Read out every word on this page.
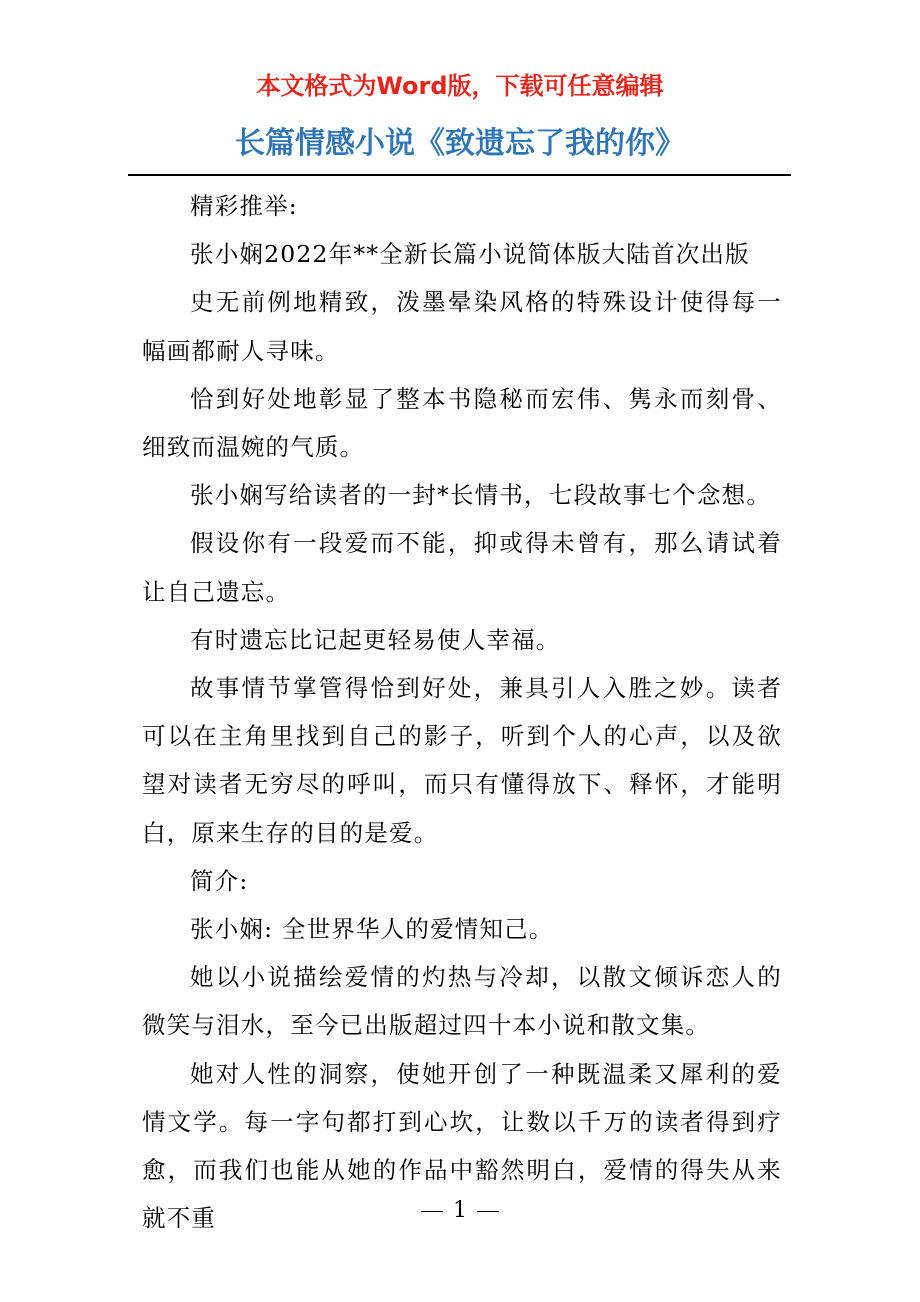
本文格式为Word版，下载可任意编辑
长篇情感小说《致遗忘了我的你》

精彩推举:

张小娴2022年**全新长篇小说简体版大陆首次出版

史无前例地精致，泼墨晕染风格的特殊设计使得每一幅画都耐人寻味。

恰到好处地彰显了整本书隐秘而宏伟、隽永而刻骨、细致而温婉的气质。

张小娴写给读者的一封*长情书，七段故事七个念想。

假设你有一段爱而不能，抑或得未曾有，那么请试着让自己遗忘。

有时遗忘比记起更轻易使人幸福。

故事情节掌管得恰到好处，兼具引人入胜之妙。读者可以在主角里找到自己的影子，听到个人的心声，以及欲望对读者无穷尽的呼叫，而只有懂得放下、释怀，才能明白，原来生存的目的是爱。

简介:

张小娴: 全世界华人的爱情知己。

她以小说描绘爱情的灼热与冷却，以散文倾诉恋人的微笑与泪水，至今已出版超过四十本小说和散文集。

她对人性的洞察，使她开创了一种既温柔又犀利的爱情文学。每一字句都打到心坎，让数以千万的读者得到疗愈，而我们也能从她的作品中豁然明白，爱情的得失从来就不重	1
